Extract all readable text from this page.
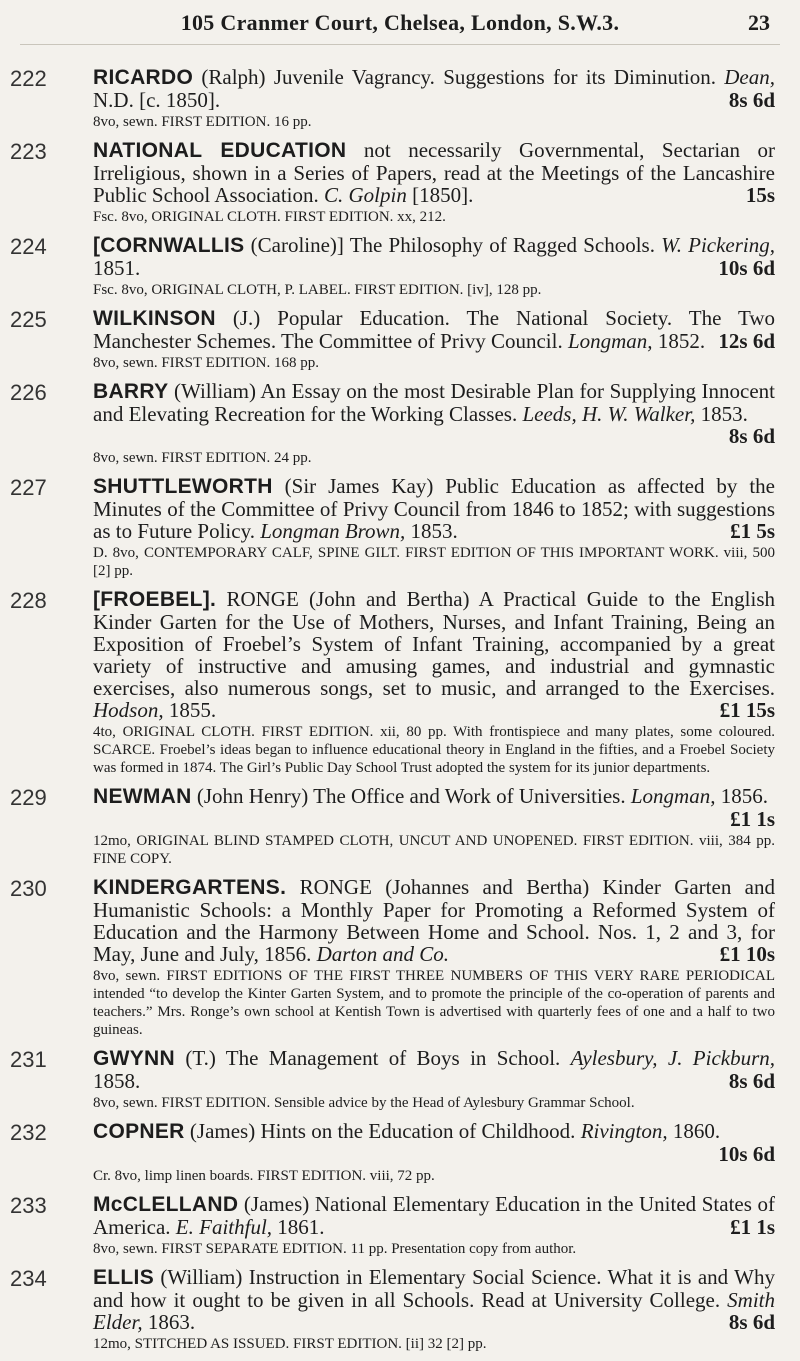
105 Cranmer Court, Chelsea, London, S.W.3.	23
222 RICARDO (Ralph) Juvenile Vagrancy. Suggestions for its Diminution. Dean, N.D. [c. 1850].	8s 6d
8vo, sewn. FIRST EDITION. 16 pp.
223 NATIONAL EDUCATION not necessarily Governmental, Sectarian or Irreligious, shown in a Series of Papers, read at the Meetings of the Lancashire Public School Association. C. Golpin [1850].	15s
Fsc. 8vo, ORIGINAL CLOTH. FIRST EDITION. xx, 212.
224 [CORNWALLIS (Caroline)] The Philosophy of Ragged Schools. W. Pickering, 1851.	10s 6d
Fsc. 8vo, ORIGINAL CLOTH, P. LABEL. FIRST EDITION. [iv], 128 pp.
225 WILKINSON (J.) Popular Education. The National Society. The Two Manchester Schemes. The Committee of Privy Council. Longman, 1852. 12s 6d
8vo, sewn. FIRST EDITION. 168 pp.
226 BARRY (William) An Essay on the most Desirable Plan for Supplying Innocent and Elevating Recreation for the Working Classes. Leeds, H. W. Walker, 1853.
8s 6d
8vo, sewn. FIRST EDITION. 24 pp.
227 SHUTTLEWORTH (Sir James Kay) Public Education as affected by the Minutes of the Committee of Privy Council from 1846 to 1852; with suggestions as to Future Policy. Longman Brown, 1853.	£1 5s
D. 8vo, CONTEMPORARY CALF, SPINE GILT. FIRST EDITION OF THIS IMPORTANT WORK. viii, 500 [2] pp.
228 [FROEBEL]. RONGE (John and Bertha) A Practical Guide to the English Kinder Garten for the Use of Mothers, Nurses, and Infant Training, Being an Exposition of Froebel’s System of Infant Training, accompanied by a great variety of instructive and amusing games, and industrial and gymnastic exercises, also numerous songs, set to music, and arranged to the Exercises. Hodson, 1855.	£1 15s
4to, ORIGINAL CLOTH. FIRST EDITION. xii, 80 pp. With frontispiece and many plates, some coloured. SCARCE. Froebel’s ideas began to influence educational theory in England in the fifties, and a Froebel Society was formed in 1874. The Girl’s Public Day School Trust adopted the system for its junior departments.
229 NEWMAN (John Henry) The Office and Work of Universities. Longman, 1856.
£1 1s
12mo, ORIGINAL BLIND STAMPED CLOTH, UNCUT AND UNOPENED. FIRST EDITION. viii, 384 pp. FINE COPY.
230 KINDERGARTENS. RONGE (Johannes and Bertha) Kinder Garten and Humanistic Schools: a Monthly Paper for Promoting a Reformed System of Education and the Harmony Between Home and School. Nos. 1, 2 and 3, for May, June and July, 1856. Darton and Co.	£1 10s
8vo, sewn. FIRST EDITIONS OF THE FIRST THREE NUMBERS OF THIS VERY RARE PERIODICAL intended “to develop the Kinter Garten System, and to promote the principle of the co-operation of parents and teachers.” Mrs. Ronge’s own school at Kentish Town is advertised with quarterly fees of one and a half to two guineas.
231 GWYNN (T.) The Management of Boys in School. Aylesbury, J. Pickburn, 1858.	8s 6d
8vo, sewn. FIRST EDITION. Sensible advice by the Head of Aylesbury Grammar School.
232 COPNER (James) Hints on the Education of Childhood. Rivington, 1860.
10s 6d
Cr. 8vo, limp linen boards. FIRST EDITION. viii, 72 pp.
233 McCLELLAND (James) National Elementary Education in the United States of America. E. Faithful, 1861.	£1 1s
8vo, sewn. FIRST SEPARATE EDITION. 11 pp. Presentation copy from author.
234 ELLIS (William) Instruction in Elementary Social Science. What it is and Why and how it ought to be given in all Schools. Read at University College. Smith Elder, 1863.	8s 6d
12mo, STITCHED AS ISSUED. FIRST EDITION. [ii] 32 [2] pp.
